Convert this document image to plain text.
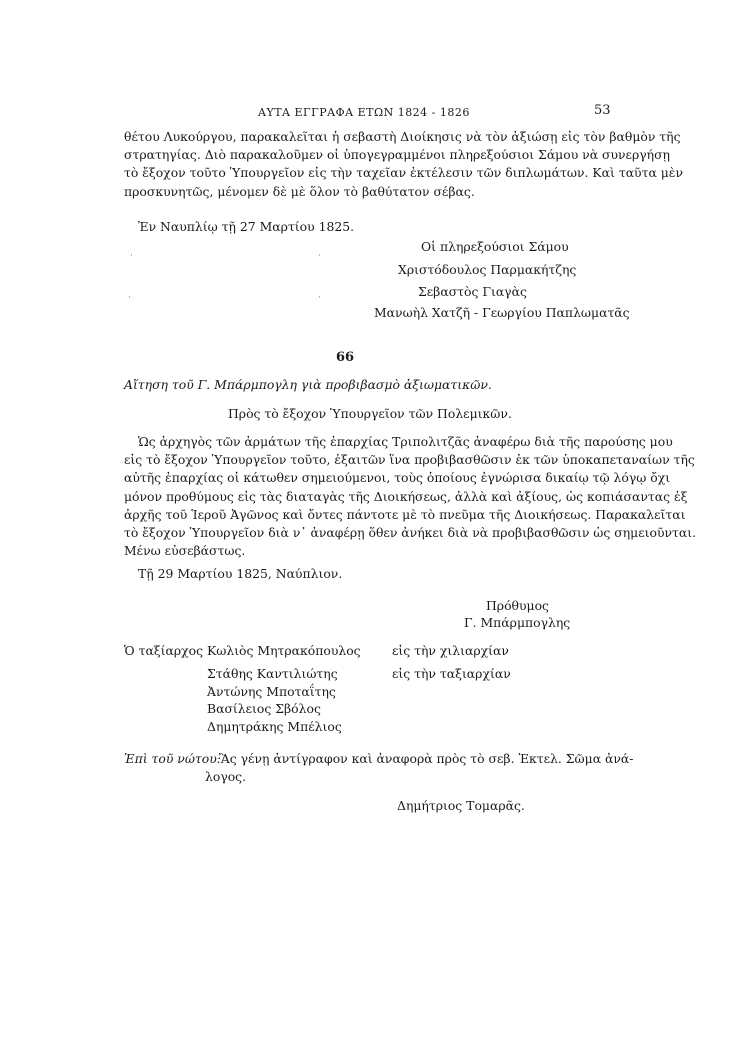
ΑΥΤΑ ΕΓΓΡΑΦΑ ΕΤΩΝ 1824 - 1826	53
θέτου Λυκούργου, παρακαλεῖται ἡ σεβαστὴ Διοίκησις νὰ τὸν ἀξιώσῃ εἰς τὸν βαθμὸν τῆς
στρατηγίας. Διὸ παρακαλοῦμεν οἱ ὑπογεγραμμένοι πληρεξούσιοι Σάμου νὰ συνεργήσῃ
τὸ ἔξοχον τοῦτο Ὑπουργεῖον εἰς τὴν ταχεῖαν ἐκτέλεσιν τῶν διπλωμάτων. Καὶ ταῦτα μὲν
προσκυνητῶς, μένομεν δὲ μὲ ὅλον τὸ βαθύτατον σέβας.
Ἐν Ναυπλίῳ τῇ 27 Μαρτίου 1825.
Οἱ πληρεξούσιοι Σάμου
Χριστόδουλος Παρμακήτζης
Σεβαστὸς Γιαγὰς
Μανωὴλ Χατζῆ - Γεωργίου Παπλωματᾶς
66
Αἴτηση τοῦ Γ. Μπάρμπογλη γιὰ προβιβασμὸ ἀξιωματικῶν.
Πρὸς τὸ ἔξοχον Ὑπουργεῖον τῶν Πολεμικῶν.
Ὡς ἀρχηγὸς τῶν ἀρμάτων τῆς ἐπαρχίας Τριπολιτζᾶς ἀναφέρω διὰ τῆς παρούσης μου
εἰς τὸ ἔξοχον Ὑπουργεῖον τοῦτο, ἐξαιτῶν ἵνα προβιβασθῶσιν ἐκ τῶν ὑποκαπεταναίων τῆς
αὐτῆς ἐπαρχίας οἱ κάτωθεν σημειούμενοι, τοὺς ὁποίους ἐγνώρισα δικαίῳ τῷ λόγῳ ὄχι
μόνον προθύμους εἰς τὰς διαταγὰς τῆς Διοικήσεως, ἀλλὰ καὶ ἀξίους, ὡς κοπιάσαντας ἐξ
ἀρχῆς τοῦ Ἱεροῦ Ἀγῶνος καὶ ὄντες πάντοτε μὲ τὸ πνεῦμα τῆς Διοικήσεως. Παρακαλεῖται
τὸ ἔξοχον Ὑπουργεῖον διὰ ν᾽ ἀναφέρῃ ὅθεν ἀνήκει διὰ νὰ προβιβασθῶσιν ὡς σημειοῦνται.
Μένω εὐσεβάστως.
Τῇ 29 Μαρτίου 1825, Ναύπλιον.
Πρόθυμος
Γ. Μπάρμπογλης
Ὁ ταξίαρχος Κωλιὸς Μητρακόπουλος	εἰς τὴν χιλιαρχίαν
Στάθης Καντιλιώτης	εἰς τὴν ταξιαρχίαν
Ἀντώνης Μποταΐτης
Βασίλειος Σβόλος
Δημητράκης Μπέλιος
Ἐπὶ τοῦ νώτου:
Ἂς γένῃ ἀντίγραφον καὶ ἀναφορὰ πρὸς τὸ σεβ. Ἐκτελ. Σῶμα ἀνά-
λογος.
Δημήτριος Τομαρᾶς.
·	·
·	·
